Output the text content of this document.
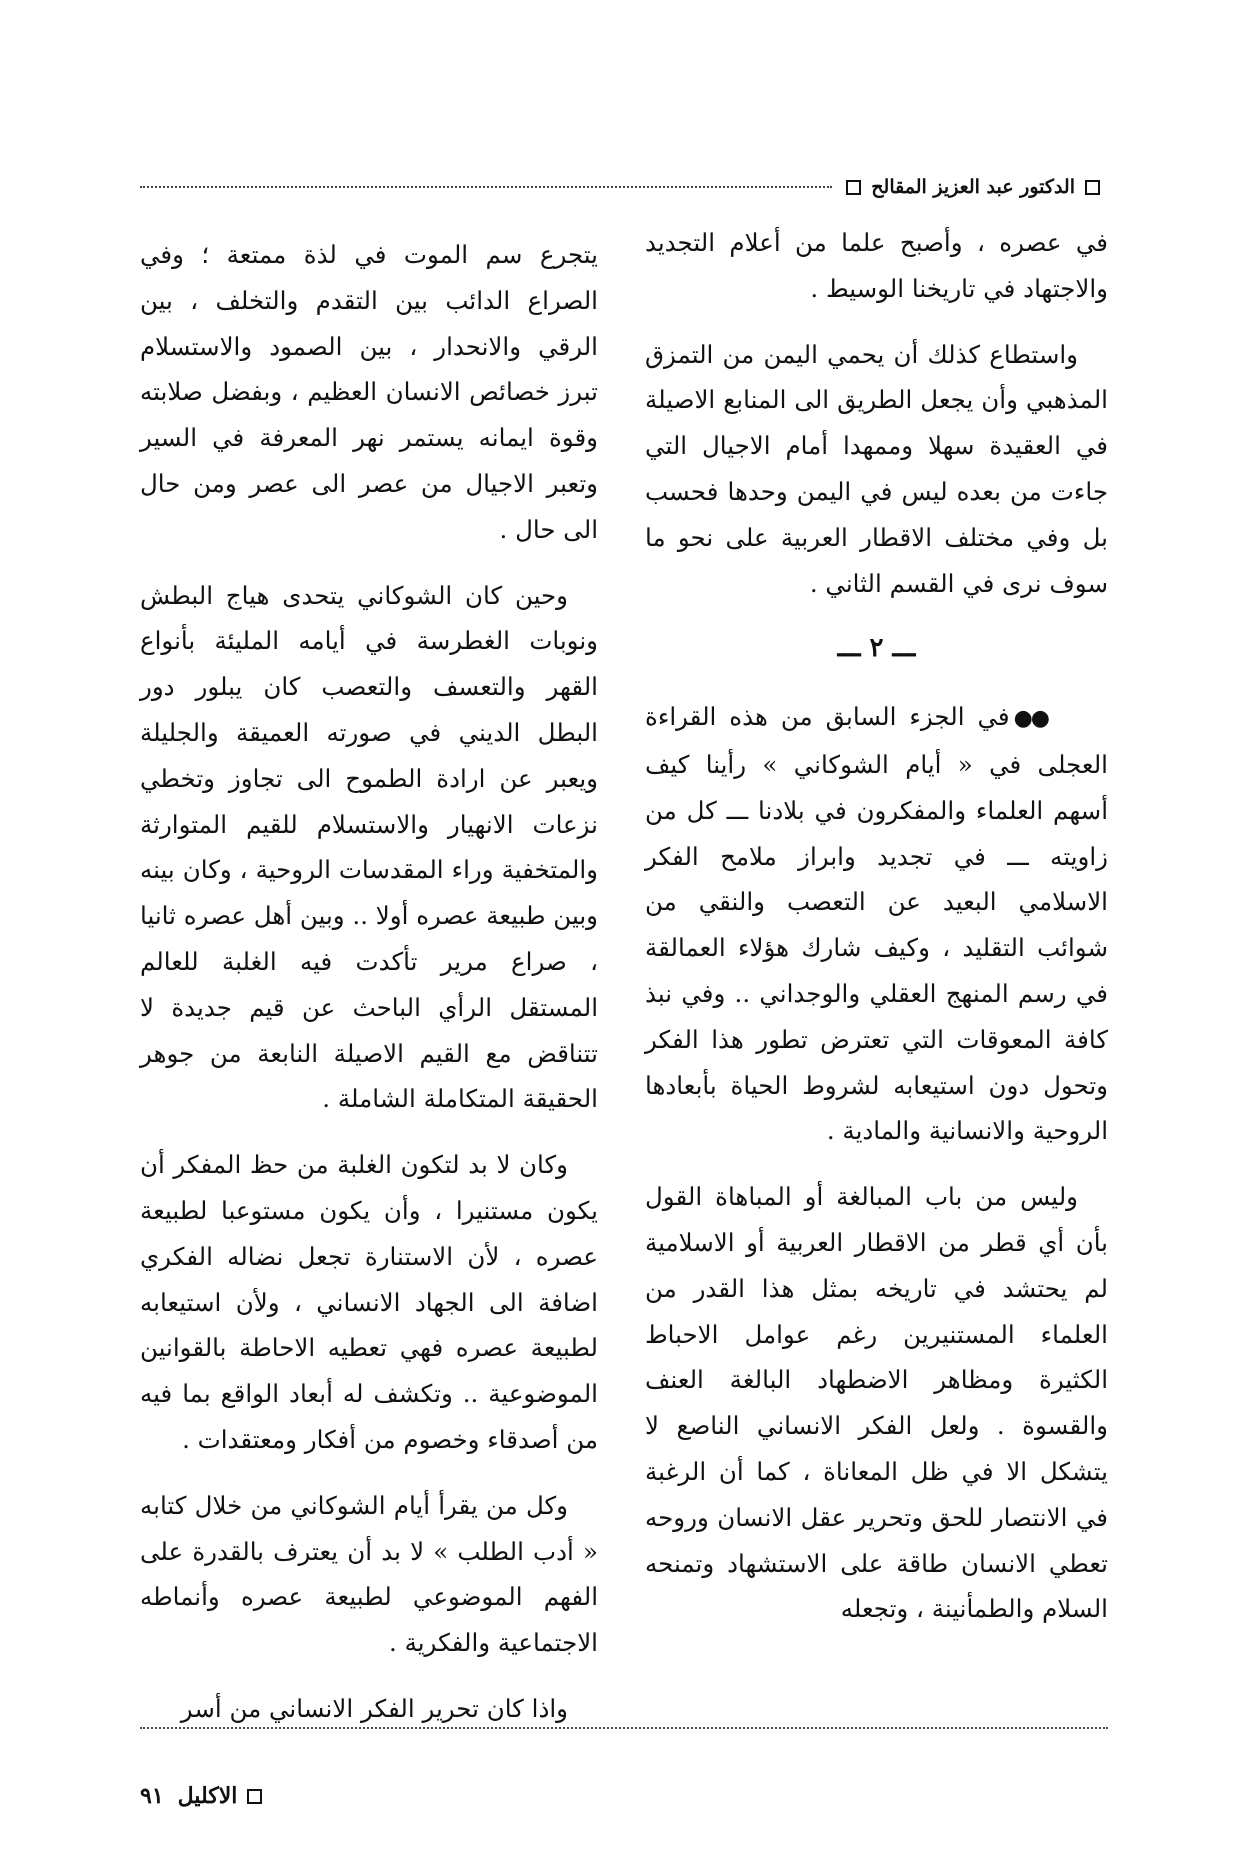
الدكتور عبد العزيز المقالح

في عصره ، وأصبح علما من أعلام التجديد والاجتهاد في تاريخنا الوسيط .

واستطاع كذلك أن يحمي اليمن من التمزق المذهبي وأن يجعل الطريق الى المنابع الاصيلة في العقيدة سهلا وممهدا أمام الاجيال التي جاءت من بعده ليس في اليمن وحدها فحسب بل وفي مختلف الاقطار العربية على نحو ما سوف نرى في القسم الثاني .

ـــ ٢ ـــ

●●في الجزء السابق من هذه القراءة العجلى في « أيام الشوكاني » رأينا كيف أسهم العلماء والمفكرون في بلادنا ـــ كل من زاويته ـــ في تجديد وابراز ملامح الفكر الاسلامي البعيد عن التعصب والنقي من شوائب التقليد ، وكيف شارك هؤلاء العمالقة في رسم المنهج العقلي والوجداني .. وفي نبذ كافة المعوقات التي تعترض تطور هذا الفكر وتحول دون استيعابه لشروط الحياة بأبعادها الروحية والانسانية والمادية .

وليس من باب المبالغة أو المباهاة القول بأن أي قطر من الاقطار العربية أو الاسلامية لم يحتشد في تاريخه بمثل هذا القدر من العلماء المستنيرين رغم عوامل الاحباط الكثيرة ومظاهر الاضطهاد البالغة العنف والقسوة . ولعل الفكر الانساني الناصع لا يتشكل الا في ظل المعاناة ، كما أن الرغبة في الانتصار للحق وتحرير عقل الانسان وروحه تعطي الانسان طاقة على الاستشهاد وتمنحه السلام والطمأنينة ، وتجعله

يتجرع سم الموت في لذة ممتعة ؛ وفي الصراع الدائب بين التقدم والتخلف ، بين الرقي والانحدار ، بين الصمود والاستسلام تبرز خصائص الانسان العظيم ، وبفضل صلابته وقوة ايمانه يستمر نهر المعرفة في السير وتعبر الاجيال من عصر الى عصر ومن حال الى حال .

وحين كان الشوكاني يتحدى هياج البطش ونوبات الغطرسة في أيامه المليئة بأنواع القهر والتعسف والتعصب كان يبلور دور البطل الديني في صورته العميقة والجليلة ويعبر عن ارادة الطموح الى تجاوز وتخطي نزعات الانهيار والاستسلام للقيم المتوارثة والمتخفية وراء المقدسات الروحية ، وكان بينه وبين طبيعة عصره أولا .. وبين أهل عصره ثانيا ، صراع مرير تأكدت فيه الغلبة للعالم المستقل الرأي الباحث عن قيم جديدة لا تتناقض مع القيم الاصيلة النابعة من جوهر الحقيقة المتكاملة الشاملة .

وكان لا بد لتكون الغلبة من حظ المفكر أن يكون مستنيرا ، وأن يكون مستوعبا لطبيعة عصره ، لأن الاستنارة تجعل نضاله الفكري اضافة الى الجهاد الانساني ، ولأن استيعابه لطبيعة عصره فهي تعطيه الاحاطة بالقوانين الموضوعية .. وتكشف له أبعاد الواقع بما فيه من أصدقاء وخصوم من أفكار ومعتقدات .

وكل من يقرأ أيام الشوكاني من خلال كتابه « أدب الطلب » لا بد أن يعترف بالقدرة على الفهم الموضوعي لطبيعة عصره وأنماطه الاجتماعية والفكرية .

واذا كان تحرير الفكر الانساني من أسر

الاكليل
٩١
